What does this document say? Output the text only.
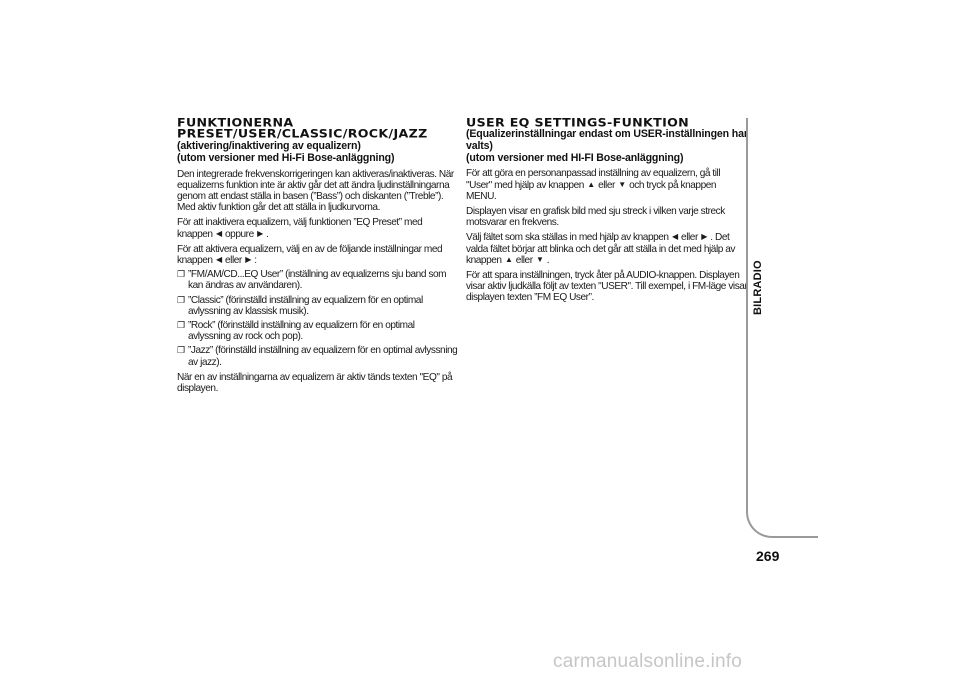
FUNKTIONERNA
PRESET/USER/CLASSIC/ROCK/JAZZ
(aktivering/inaktivering av equalizern)
(utom versioner med Hi-Fi Bose-anläggning)

Den integrerade frekvenskorrigeringen kan aktiveras/inaktiveras. När equalizerns funktion inte är aktiv går det att ändra ljudinställningarna genom att endast ställa in basen (”Bass”) och diskanten (”Treble”). Med aktiv funktion går det att ställa in ljudkurvorna.

För att inaktivera equalizern, välj funktionen ”EQ Preset” med knappen ◀ oppure ▶ .

För att aktivera equalizern, välj en av de följande inställningar med knappen ◀ eller ▶ :

❐ ”FM/AM/CD...EQ User” (inställning av equalizerns sju band som kan ändras av användaren).
❐ ”Classic” (förinställd inställning av equalizern för en optimal avlyssning av klassisk musik).
❐ ”Rock” (förinställd inställning av equalizern för en optimal avlyssning av rock och pop).
❐ ”Jazz” (förinställd inställning av equalizern för en optimal avlyssning av jazz).

När en av inställningarna av equalizern är aktiv tänds texten "EQ" på displayen.

USER EQ SETTINGS-FUNKTION
(Equalizerinställningar endast om USER-inställningen har valts)
(utom versioner med HI-FI Bose-anläggning)

För att göra en personanpassad inställning av equalizern, gå till "User" med hjälp av knappen ▲ eller ▼ och tryck på knappen MENU.

Displayen visar en grafisk bild med sju streck i vilken varje streck motsvarar en frekvens.

Välj fältet som ska ställas in med hjälp av knappen ◀ eller ▶ . Det valda fältet börjar att blinka och det går att ställa in det med hjälp av knappen ▲ eller ▼ .

För att spara inställningen, tryck åter på AUDIO-knappen. Displayen visar aktiv ljudkälla följt av texten "USER". Till exempel, i FM-läge visar displayen texten ”FM EQ User”.	BILRADIO
269
carmanualsonline.info
